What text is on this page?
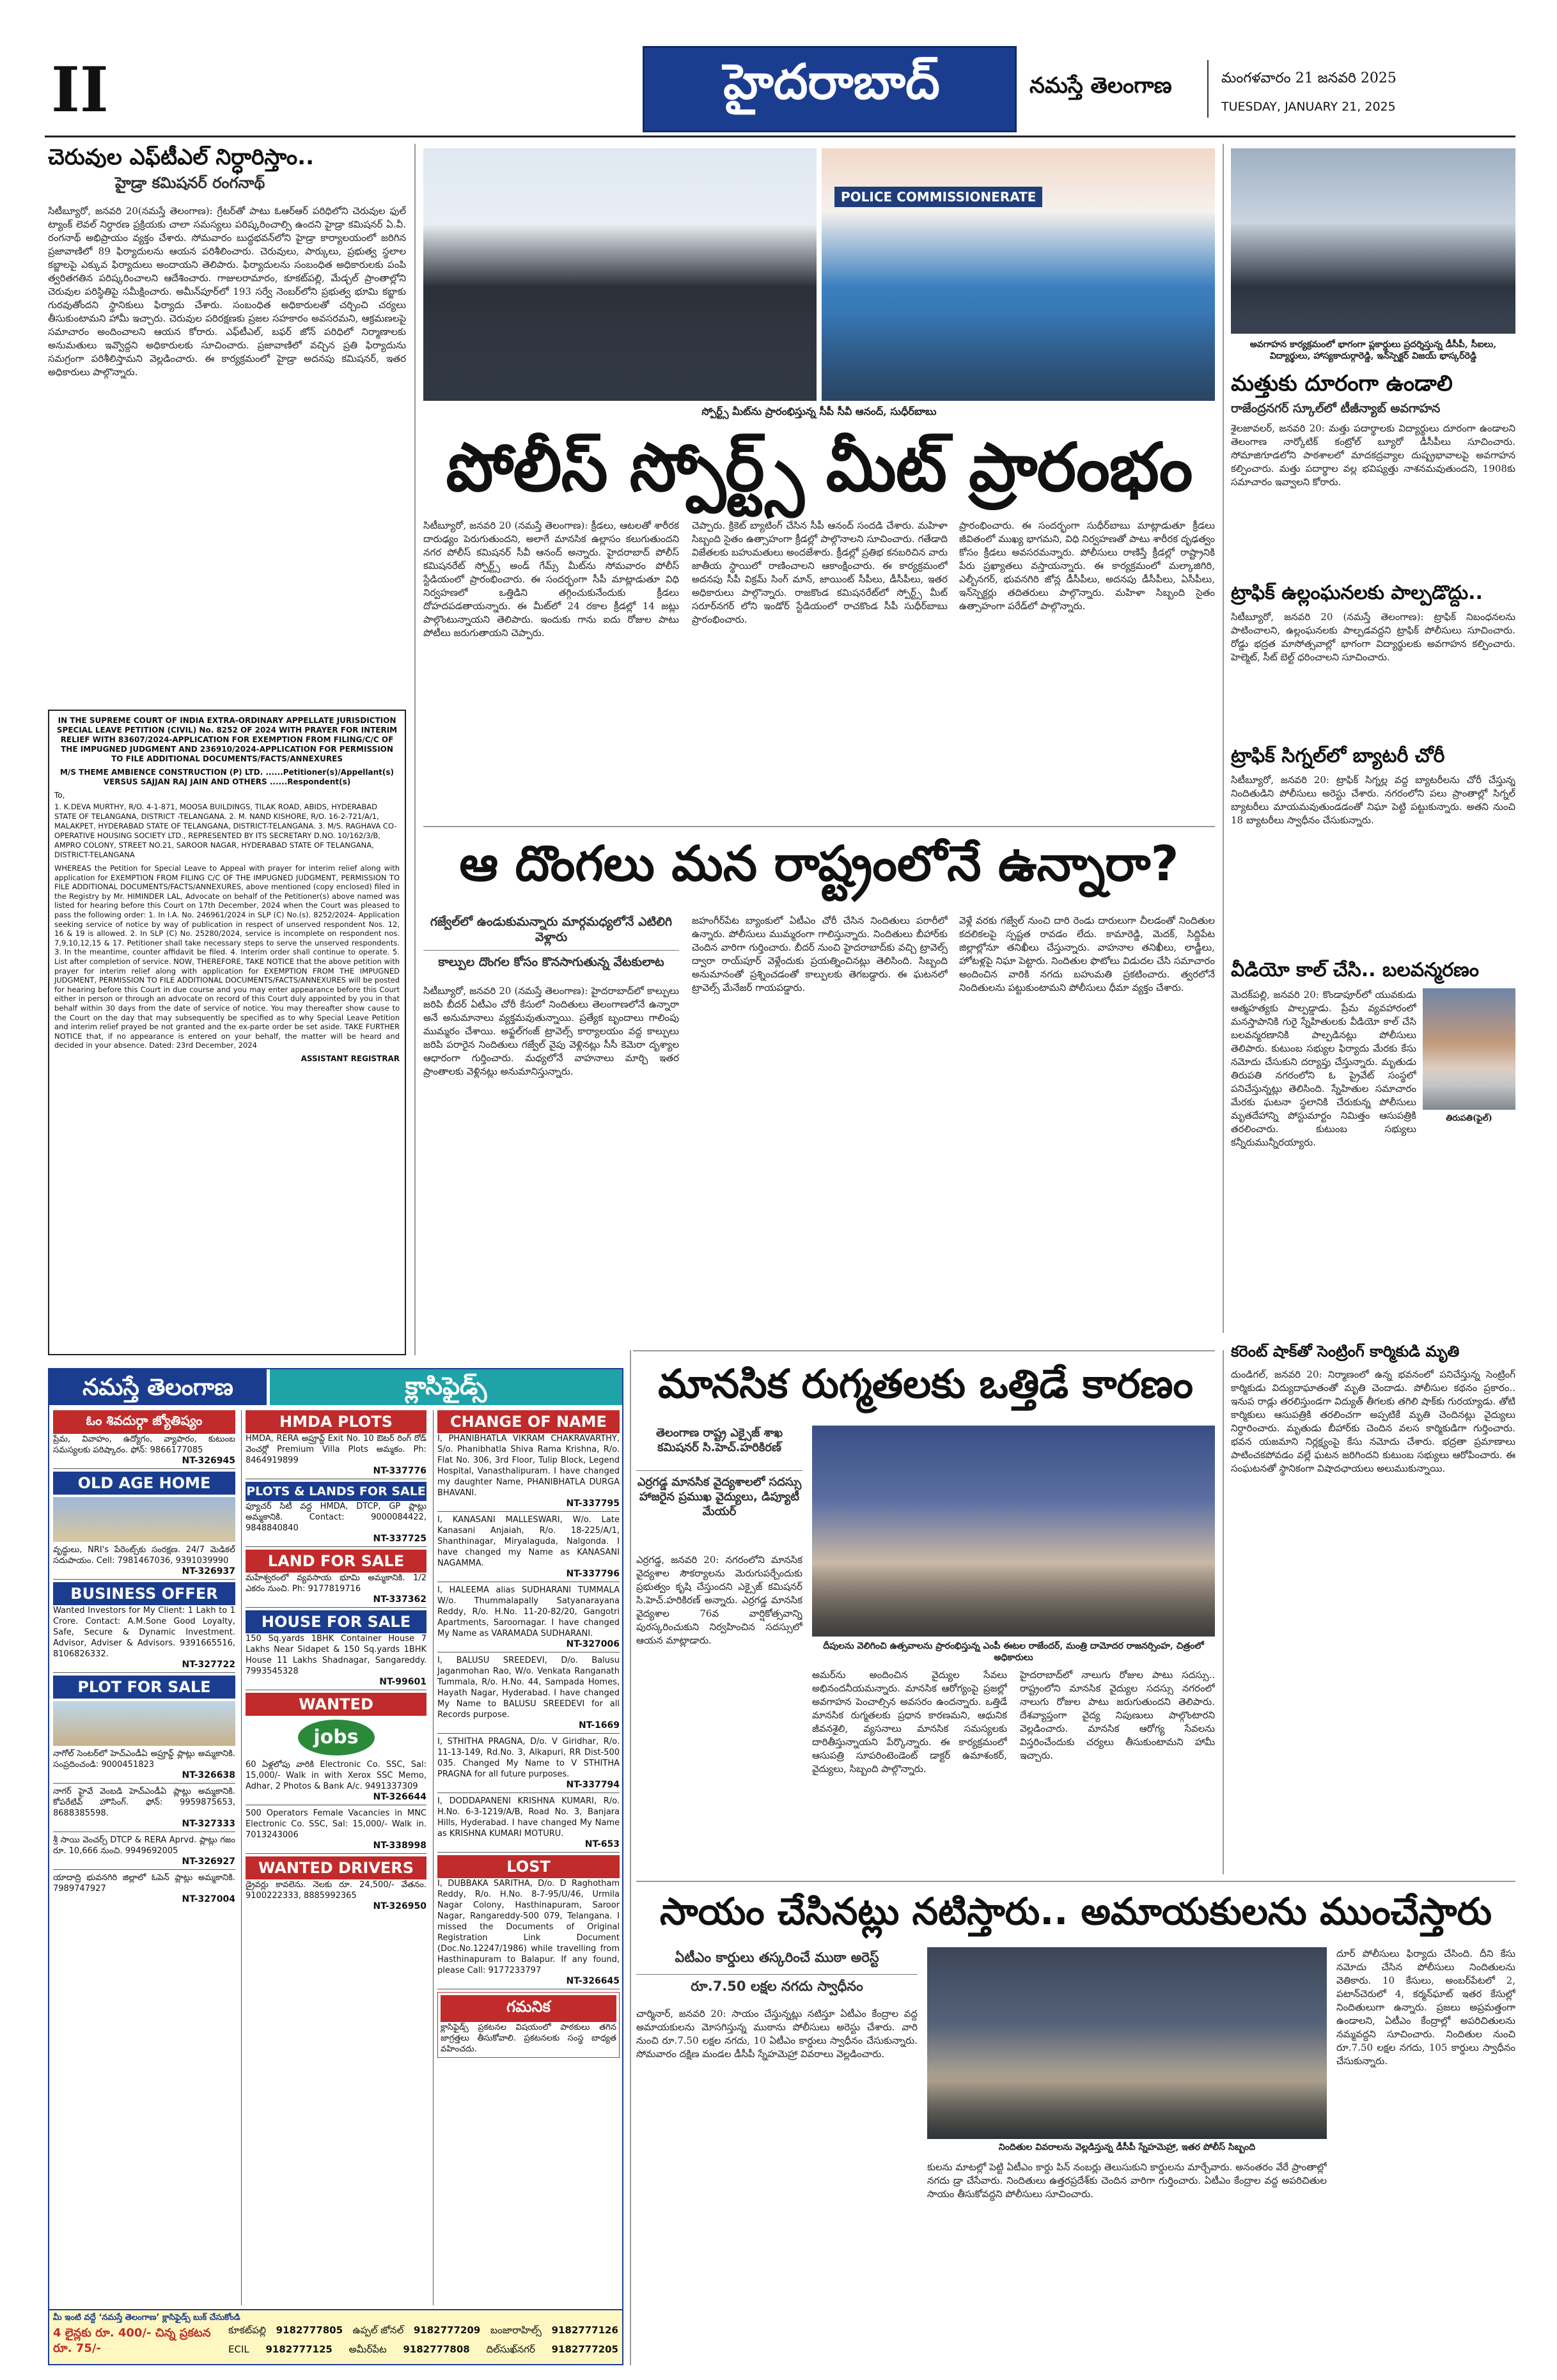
II	హైదరాబాద్	నమస్తే తెలంగాణ	మంగళవారం 21 జనవరి 2025
TUESDAY, JANUARY 21, 2025
చెరువుల ఎఫ్‌టీఎల్ నిర్ధారిస్తాం..
హైడ్రా కమిషనర్ రంగనాథ్
సిటీబ్యూరో, జనవరి 20(నమస్తే తెలంగాణ): గ్రేటర్‌తో పాటు ఓఆర్‌ఆర్ పరిధిలోని చెరువుల ఫుల్ ట్యాంక్ లెవల్ నిర్ధారణ ప్రక్రియకు చాలా సమస్యలు పరిష్కరించాల్సి ఉందని హైడ్రా కమిషనర్ ఏ.వీ. రంగనాథ్ అభిప్రాయం వ్యక్తం చేశారు. సోమవారం బుద్ధభవన్‌లోని హైడ్రా కార్యాలయంలో జరిగిన ప్రజావాణిలో 89 ఫిర్యాదులను ఆయన పరిశీలించారు. చెరువులు, పార్కులు, ప్రభుత్వ స్థలాల కబ్జాలపై ఎక్కువ ఫిర్యాదులు అందాయని తెలిపారు. ఫిర్యాదులను సంబంధిత అధికారులకు పంపి త్వరితగతిన పరిష్కరించాలని ఆదేశించారు. గాజులరామారం, కూకట్‌పల్లి, మేడ్చల్ ప్రాంతాల్లోని చెరువుల పరిస్థితిపై సమీక్షించారు. అమీన్‌పూర్‌లో 193 సర్వే నెంబర్‌లోని ప్రభుత్వ భూమి కబ్జాకు గురవుతోందని స్థానికులు ఫిర్యాదు చేశారు. సంబంధిత అధికారులతో చర్చించి చర్యలు తీసుకుంటామని హామీ ఇచ్చారు. చెరువుల పరిరక్షణకు ప్రజల సహకారం అవసరమని, ఆక్రమణలపై సమాచారం అందించాలని ఆయన కోరారు. ఎఫ్‌టీఎల్, బఫర్ జోన్ పరిధిలో నిర్మాణాలకు అనుమతులు ఇవ్వొద్దని అధికారులకు సూచించారు. ప్రజావాణిలో వచ్చిన ప్రతి ఫిర్యాదును సమగ్రంగా పరిశీలిస్తామని వెల్లడించారు. ఈ కార్యక్రమంలో హైడ్రా అదనపు కమిషనర్, ఇతర అధికారులు పాల్గొన్నారు.
IN THE SUPREME COURT OF INDIA EXTRA-ORDINARY APPELLATE JURISDICTION SPECIAL LEAVE PETITION (CIVIL) No. 8252 OF 2024 WITH PRAYER FOR INTERIM RELIEF WITH 83607/2024-APPLICATION FOR EXEMPTION FROM FILING/C/C OF THE IMPUGNED JUDGMENT AND 236910/2024-APPLICATION FOR PERMISSION TO FILE ADDITIONAL DOCUMENTS/FACTS/ANNEXURES
M/S THEME AMBIENCE CONSTRUCTION (P) LTD. ......Petitioner(s)/Appellant(s) VERSUS SAJJAN RAJ JAIN AND OTHERS ......Respondent(s)
To,
1. K.DEVA MURTHY, R/O. 4-1-871, MOOSA BUILDINGS, TILAK ROAD, ABIDS, HYDERABAD STATE OF TELANGANA, DISTRICT -TELANGANA. 2. M. NAND KISHORE, R/O. 16-2-721/A/1, MALAKPET, HYDERABAD STATE OF TELANGANA, DISTRICT-TELANGANA. 3. M/S. RAGHAVA CO-OPERATIVE HOUSING SOCIETY LTD., REPRESENTED BY ITS SECRETARY D.NO. 10/162/3/B, AMPRO COLONY, STREET NO.21, SAROOR NAGAR, HYDERABAD STATE OF TELANGANA, DISTRICT-TELANGANA
WHEREAS the Petition for Special Leave to Appeal with prayer for interim relief along with application for EXEMPTION FROM FILING C/C OF THE IMPUGNED JUDGMENT, PERMISSION TO FILE ADDITIONAL DOCUMENTS/FACTS/ANNEXURES, above mentioned (copy enclosed) filed in the Registry by Mr. HIMINDER LAL, Advocate on behalf of the Petitioner(s) above named was listed for hearing before this Court on 17th December, 2024 when the Court was pleased to pass the following order: 1. In I.A. No. 246961/2024 in SLP (C) No.(s). 8252/2024- Application seeking service of notice by way of publication in respect of unserved respondent Nos. 12, 16 & 19 is allowed. 2. In SLP (C) No. 25280/2024, service is incomplete on respondent nos. 7,9,10,12,15 & 17. Petitioner shall take necessary steps to serve the unserved respondents. 3. In the meantime, counter affidavit be filed. 4. Interim order shall continue to operate. 5. List after completion of service. NOW, THEREFORE, TAKE NOTICE that the above petition with prayer for interim relief along with application for EXEMPTION FROM THE IMPUGNED JUDGMENT, PERMISSION TO FILE ADDITIONAL DOCUMENTS/FACTS/ANNEXURES will be posted for hearing before this Court in due course and you may enter appearance before this Court either in person or through an advocate on record of this Court duly appointed by you in that behalf within 30 days from the date of service of notice. You may thereafter show cause to the Court on the day that may subsequently be specified as to why Special Leave Petition and interim relief prayed be not granted and the ex-parte order be set aside. TAKE FURTHER NOTICE that, if no appearance is entered on your behalf, the matter will be heard and decided in your absence. Dated: 23rd December, 2024
ASSISTANT REGISTRAR
నమస్తే తెలంగాణ	క్లాసిఫైడ్స్
ఓం శివదుర్గా జ్యోతిష్యం
ప్రేమ, వివాహం, ఉద్యోగం, వ్యాపారం, కుటుంబ సమస్యలకు పరిష్కారం. ఫోన్: 9866177085
NT-326945
OLD AGE HOME
వృద్ధులు, NRI's పేరెంట్స్‌కు సంరక్షణ. 24/7 మెడికల్ సదుపాయం. Cell: 7981467036, 9391039990
NT-326937
BUSINESS OFFER
Wanted Investors for My Client: 1 Lakh to 1 Crore. Contact: A.M.Sone Good Loyalty, Safe, Secure & Dynamic Investment. Advisor, Adviser & Advisors. 9391665516, 8106826332.
NT-327722
PLOT FOR SALE
నాగోల్ సెంటర్‌లో హెచ్ఎండీఏ అప్రూవ్డ్ ప్లాట్లు అమ్మకానికి. సంప్రదించండి: 9000451823
NT-326638
నాగర్ హైవే వెంబడి హెచ్ఎండీఏ ప్లాట్లు అమ్మకానికి. కోపరేటివ్ హౌసింగ్. ఫోన్: 9959875653, 8688385598.
NT-327333
శ్రీ సాయి వెంచర్స్ DTCP & RERA Aprvd. ప్లాట్లు గజం రూ. 10,666 నుంచి. 9949692005
NT-326927
యాదాద్రి భువనగిరి జిల్లాలో ఓపెన్ ప్లాట్లు అమ్మకానికి. 7989747927
NT-327004
HMDA PLOTS
HMDA, RERA అప్రూవ్డ్ Exit No. 10 ఔటర్ రింగ్ రోడ్ వెంచర్లో Premium Villa Plots అమ్మకం. Ph: 8464919899
NT-337776
PLOTS & LANDS FOR SALE
ఫ్యూచర్ సిటీ వద్ద HMDA, DTCP, GP ప్లాట్లు అమ్మకానికి. Contact: 9000084422, 9848840840
NT-337725
LAND FOR SALE
మహేశ్వరంలో వ్యవసాయ భూమి అమ్మకానికి. 1/2 ఎకరం నుంచి. Ph: 9177819716
NT-337362
HOUSE FOR SALE
150 Sq.yards 1BHK Container House 7 Lakhs Near Sidapet & 150 Sq.yards 1BHK House 11 Lakhs Shadnagar, Sangareddy. 7993545328
NT-99601
WANTED
jobs
60 ఏళ్లలోపు వారికి Electronic Co. SSC, Sal: 15,000/- Walk in with Xerox SSC Memo, Adhar, 2 Photos & Bank A/c. 9491337309
NT-326644
500 Operators Female Vacancies in MNC Electronic Co. SSC, Sal: 15,000/- Walk in. 7013243006
NT-338998
WANTED DRIVERS
డ్రైవర్లు కావలెను. నెలకు రూ. 24,500/- వేతనం. 9100222333, 8885992365
NT-326950
CHANGE OF NAME
I, PHANIBHATLA VIKRAM CHAKRAVARTHY, S/o. Phanibhatla Shiva Rama Krishna, R/o. Flat No. 306, 3rd Floor, Tulip Block, Legend Hospital, Vanasthalipuram. I have changed my daughter Name, PHANIBHATLA DURGA BHAVANI.
NT-337795
I, KANASANI MALLESWARI, W/o. Late Kanasani Anjaiah, R/o. 18-225/A/1, Shanthinagar, Miryalaguda, Nalgonda. I have changed my Name as KANASANI NAGAMMA.
NT-337796
I, HALEEMA alias SUDHARANI TUMMALA W/o. Thummalapally Satyanarayana Reddy, R/o. H.No. 11-20-82/20, Gangotri Apartments, Saroornagar. I have changed My Name as VARAMADA SUDHARANI.
NT-327006
I, BALUSU SREEDEVI, D/o. Balusu Jaganmohan Rao, W/o. Venkata Ranganath Tummala, R/o. H.No. 44, Sampada Homes, Hayath Nagar, Hyderabad. I have changed My Name to BALUSU SREEDEVI for all Records purpose.
NT-1669
I, STHITHA PRAGNA, D/o. V Giridhar, R/o. 11-13-149, Rd.No. 3, Alkapuri, RR Dist-500 035. Changed My Name to V STHITHA PRAGNA for all future purposes.
NT-337794
I, DODDAPANENI KRISHNA KUMARI, R/o. H.No. 6-3-1219/A/B, Road No. 3, Banjara Hills, Hyderabad. I have changed My Name as KRISHNA KUMARI MOTURU.
NT-653
LOST
I, DUBBAKA SARITHA, D/o. D Raghotham Reddy, R/o. H.No. 8-7-95/U/46, Urmila Nagar Colony, Hasthinapuram, Saroor Nagar, Rangareddy-500 079, Telangana. I missed the Documents of Original Registration Link Document (Doc.No.12247/1986) while travelling from Hasthinapuram to Balapur. If any found, please Call: 9177233797
NT-326645
గమనిక
క్లాసిఫైడ్స్ ప్రకటనల విషయంలో పాఠకులు తగిన జాగ్రత్తలు తీసుకోవాలి. ప్రకటనలకు సంస్థ బాధ్యత వహించదు.
మీ ఇంటి వద్దే ‘నమస్తే తెలంగాణ’ క్లాసిఫైడ్స్ బుక్ చేసుకోండి
4 లైన్లకు రూ. 400/- చిన్న ప్రకటన రూ. 75/-
కూకట్‌పల్లి 9182777805 ఉప్పల్ జోనల్ 9182777209 బంజారాహిల్స్ 9182777126
ECIL 9182777125 అమీర్‌పేట 9182777808 దిల్‌సుఖ్‌నగర్ 9182777205
POLICE COMMISSIONERATE
స్పోర్ట్స్ మీట్‌ను ప్రారంభిస్తున్న సీపీ సీవీ ఆనంద్, సుధీర్‌బాబు
అవగాహన కార్యక్రమంలో భాగంగా ప్లకార్డులు ప్రదర్శిస్తున్న డీసీపీ, సీఐలు, విద్యార్థులు, హాస్యకాదుర్గారెడ్డి, ఇన్‌స్పెక్టర్ విజయ్ భాస్కర్‌రెడ్డి
పోలీస్ స్పోర్ట్స్ మీట్ ప్రారంభం
సిటీబ్యూరో, జనవరి 20 (నమస్తే తెలంగాణ): క్రీడలు, ఆటలతో శారీరక దారుఢ్యం పెరుగుతుందని, అలాగే మానసిక ఉల్లాసం కలుగుతుందని నగర పోలీస్ కమిషనర్ సీవీ ఆనంద్ అన్నారు. హైదరాబాద్ పోలీస్ కమిషనరేట్ స్పోర్ట్స్ అండ్ గేమ్స్ మీట్‌ను సోమవారం పోలీస్ స్టేడియంలో ప్రారంభించారు. ఈ సందర్భంగా సీపీ మాట్లాడుతూ విధి నిర్వహణలో ఒత్తిడిని తగ్గించుకునేందుకు క్రీడలు దోహదపడతాయన్నారు. ఈ మీట్‌లో 24 రకాల క్రీడల్లో 14 జట్లు పాల్గొంటున్నాయని తెలిపారు. ఇందుకు గాను ఐదు రోజుల పాటు పోటీలు జరుగుతాయని చెప్పారు.
చెప్పారు. క్రికెట్ బ్యాటింగ్ చేసిన సీపీ ఆనంద్ సందడి చేశారు. మహిళా సిబ్బంది సైతం ఉత్సాహంగా క్రీడల్లో పాల్గొనాలని సూచించారు. గతేడాది విజేతలకు బహుమతులు అందజేశారు. క్రీడల్లో ప్రతిభ కనబరిచిన వారు జాతీయ స్థాయిలో రాణించాలని ఆకాంక్షించారు. ఈ కార్యక్రమంలో అదనపు సీపీ విక్రమ్ సింగ్ మాన్, జాయింట్ సీపీలు, డీసీపీలు, ఇతర అధికారులు పాల్గొన్నారు. రాజకొండ కమిషనరేట్‌లో స్పోర్ట్స్ మీట్ సరూర్‌నగర్ లోని ఇండోర్ స్టేడియంలో రాచకొండ సీపీ సుధీర్‌బాబు ప్రారంభించారు.
ప్రారంభించారు. ఈ సందర్భంగా సుధీర్‌బాబు మాట్లాడుతూ క్రీడలు జీవితంలో ముఖ్య భాగమని, విధి నిర్వహణతో పాటు శారీరక దృఢత్వం కోసం క్రీడలు అవసరమన్నారు. పోలీసులు రాణిస్తే క్రీడల్లో రాష్ట్రానికి పేరు ప్రఖ్యాతలు వస్తాయన్నారు. ఈ కార్యక్రమంలో మల్కాజిగిరి, ఎల్బీనగర్, భువనగిరి జోన్ల డీసీపీలు, అదనపు డీసీపీలు, ఏసీపీలు, ఇన్‌స్పెక్టర్లు తదితరులు పాల్గొన్నారు. మహిళా సిబ్బంది సైతం ఉత్సాహంగా పరేడ్‌లో పాల్గొన్నారు.
ఆ దొంగలు మన రాష్ట్రంలోనే ఉన్నారా?
గజ్వేల్‌లో ఉండుకుమన్నారు మార్గమధ్యలోనే ఎటిలిగి వెళ్లారు
కాల్పుల దొంగల కోసం కొనసాగుతున్న వేటకులాట
సిటీబ్యూరో, జనవరి 20 (నమస్తే తెలంగాణ): హైదరాబాద్‌లో కాల్పులు జరిపి బీదర్ ఏటీఎం చోరీ కేసులో నిందితులు తెలంగాణలోనే ఉన్నారా అనే అనుమానాలు వ్యక్తమవుతున్నాయి. ప్రత్యేక బృందాలు గాలింపు ముమ్మరం చేశాయి. అఫ్జల్‌గంజ్ ట్రావెల్స్ కార్యాలయం వద్ద కాల్పులు జరిపి పరారైన నిందితులు గజ్వేల్ వైపు వెళ్లినట్లు సీసీ కెమెరా దృశ్యాల ఆధారంగా గుర్తించారు. మధ్యలోనే వాహనాలు మార్చి ఇతర ప్రాంతాలకు వెళ్లినట్లు అనుమానిస్తున్నారు.
జహంగీర్‌పేట బ్యాంకులో ఏటీఎం చోరీ చేసిన నిందితులు పరారీలో ఉన్నారు. పోలీసులు ముమ్మరంగా గాలిస్తున్నారు. నిందితులు బీహార్‌కు చెందిన వారిగా గుర్తించారు. బీదర్ నుంచి హైదరాబాద్‌కు వచ్చి ట్రావెల్స్ ద్వారా రాయ్‌పూర్ వెళ్లేందుకు ప్రయత్నించినట్లు తెలిసింది. సిబ్బంది అనుమానంతో ప్రశ్నించడంతో కాల్పులకు తెగబడ్డారు. ఈ ఘటనలో ట్రావెల్స్ మేనేజర్ గాయపడ్డారు.
వెళ్లే వరకు గజ్వేల్ నుంచి దారి రెండు దారులుగా చీలడంతో నిందితుల కదలికలపై స్పష్టత రావడం లేదు. కామారెడ్డి, మెదక్, సిద్దిపేట జిల్లాల్లోనూ తనిఖీలు చేస్తున్నారు. వాహనాల తనిఖీలు, లాడ్జీలు, హోటళ్లపై నిఘా పెట్టారు. నిందితుల ఫొటోలు విడుదల చేసి సమాచారం అందించిన వారికి నగదు బహుమతి ప్రకటించారు. త్వరలోనే నిందితులను పట్టుకుంటామని పోలీసులు ధీమా వ్యక్తం చేశారు.
మానసిక రుగ్మతలకు ఒత్తిడే కారణం
తెలంగాణ రాష్ట్ర ఎక్సైజ్ శాఖ కమిషనర్ సి.హెచ్.హరికిరణ్
ఎర్రగడ్డ మానసిక వైద్యశాలలో సదస్సు హాజరైన ప్రముఖ వైద్యులు, డిప్యూటీ మేయర్
దీపులను వెలిగించి ఉత్సవాలను ప్రారంభిస్తున్న ఎంపీ ఈటల రాజేందర్, మంత్రి దామోదర రాజనర్సింహ, చిత్రంలో అధికారులు
ఎర్రగడ్డ, జనవరి 20: నగరంలోని మానసిక వైద్యశాల సౌకర్యాలను మెరుగుపర్చేందుకు ప్రభుత్వం కృషి చేస్తుందని ఎక్సైజ్ కమిషనర్ సి.హెచ్.హరికిరణ్ అన్నారు. ఎర్రగడ్డ మానసిక వైద్యశాల 76వ వార్షికోత్సవాన్ని పురస్కరించుకుని నిర్వహించిన సదస్సులో ఆయన మాట్లాడారు.
అమర్‌ను అందించిన వైద్యుల సేవలు అభినందనీయమన్నారు. మానసిక ఆరోగ్యంపై ప్రజల్లో అవగాహన పెంచాల్సిన అవసరం ఉందన్నారు. ఒత్తిడే మానసిక రుగ్మతలకు ప్రధాన కారణమని, ఆధునిక జీవనశైలి, వ్యసనాలు మానసిక సమస్యలకు దారితీస్తున్నాయని పేర్కొన్నారు. ఈ కార్యక్రమంలో ఆసుపత్రి సూపరింటెండెంట్ డాక్టర్ ఉమాశంకర్, వైద్యులు, సిబ్బంది పాల్గొన్నారు.
హైదరాబాద్‌లో నాలుగు రోజుల పాటు సదస్సు.. రాష్ట్రంలోని మానసిక వైద్యుల సదస్సు నగరంలో నాలుగు రోజుల పాటు జరుగుతుందని తెలిపారు. దేశవ్యాప్తంగా వైద్య నిపుణులు పాల్గొంటారని వెల్లడించారు. మానసిక ఆరోగ్య సేవలను విస్తరించేందుకు చర్యలు తీసుకుంటామని హామీ ఇచ్చారు.
సాయం చేసినట్లు నటిస్తారు.. అమాయకులను ముంచేస్తారు
ఏటీఎం కార్డులు తస్కరించే ముఠా అరెస్ట్
రూ.7.50 లక్షల నగదు స్వాధీనం
నిందితుల వివరాలను వెల్లడిస్తున్న డీసీపీ స్నేహమెహ్రా, ఇతర పోలీస్ సిబ్బంది
చార్మినార్, జనవరి 20: సాయం చేస్తున్నట్లు నటిస్తూ ఏటీఎం కేంద్రాల వద్ద అమాయకులను మోసగిస్తున్న ముఠాను పోలీసులు అరెస్టు చేశారు. వారి నుంచి రూ.7.50 లక్షల నగదు, 10 ఏటీఎం కార్డులు స్వాధీనం చేసుకున్నారు. సోమవారం దక్షిణ మండల డీసీపీ స్నేహమెహ్రా వివరాలు వెల్లడించారు.
కులను మాటల్లో పెట్టి ఏటీఎం కార్డు పిన్ నంబర్లు తెలుసుకుని కార్డులను మార్చేవారు. అనంతరం వేరే ప్రాంతాల్లో నగదు డ్రా చేసేవారు. నిందితులు ఉత్తరప్రదేశ్‌కు చెందిన వారిగా గుర్తించారు. ఏటీఎం కేంద్రాల వద్ద అపరిచితుల సాయం తీసుకోవద్దని పోలీసులు సూచించారు.
దూర్ పోలీసులు ఫిర్యాదు చేసింది. దీని కేసు నమోదు చేసిన పోలీసులు నిందితులను వెతికారు. 10 కేసులు, అంబర్‌పేటలో 2, పటాన్‌చెరులో 4, కర్మన్‌ఘాట్ ఇతర కేసుల్లో నిందితులుగా ఉన్నారు. ప్రజలు అప్రమత్తంగా ఉండాలని, ఏటీఎం కేంద్రాల్లో అపరిచితులను నమ్మవద్దని సూచించారు. నిందితుల నుంచి రూ.7.50 లక్షల నగదు, 105 కార్డులు స్వాధీనం చేసుకున్నారు.
మత్తుకు దూరంగా ఉండాలి
రాజేంద్రనగర్ స్కూల్‌లో టీజీన్యాబ్ అవగాహన
శైలజావలర్, జనవరి 20: మత్తు పదార్థాలకు విద్యార్థులు దూరంగా ఉండాలని తెలంగాణ నార్కోటిక్ కంట్రోల్ బ్యూరో డీసీపీలు సూచించారు. సోమాజిగూడలోని పాఠశాలలో మాదకద్రవ్యాల దుష్ప్రభావాలపై అవగాహన కల్పించారు. మత్తు పదార్థాల వల్ల భవిష్యత్తు నాశనమవుతుందని, 1908కు సమాచారం ఇవ్వాలని కోరారు.
ట్రాఫిక్ ఉల్లంఘనలకు పాల్పడొద్దు..
సిటీబ్యూరో, జనవరి 20 (నమస్తే తెలంగాణ): ట్రాఫిక్ నిబంధనలను పాటించాలని, ఉల్లంఘనలకు పాల్పడవద్దని ట్రాఫిక్ పోలీసులు సూచించారు. రోడ్డు భద్రత మాసోత్సవాల్లో భాగంగా విద్యార్థులకు అవగాహన కల్పించారు. హెల్మెట్, సీట్ బెల్ట్ ధరించాలని సూచించారు.
ట్రాఫిక్ సిగ్నల్‌లో బ్యాటరీ చోరీ
సిటీబ్యూరో, జనవరి 20: ట్రాఫిక్ సిగ్నల్ల వద్ద బ్యాటరీలను చోరీ చేస్తున్న నిందితుడిని పోలీసులు అరెస్టు చేశారు. నగరంలోని పలు ప్రాంతాల్లో సిగ్నల్ బ్యాటరీలు మాయమవుతుండడంతో నిఘా పెట్టి పట్టుకున్నారు. అతని నుంచి 18 బ్యాటరీలు స్వాధీనం చేసుకున్నారు.
వీడియో కాల్ చేసి.. బలవన్మరణం
తిరుపతి(ఫైల్)
మెదక్‌పల్లి, జనవరి 20: కొండాపూర్‌లో యువకుడు ఆత్మహత్యకు పాల్పడ్డాడు. ప్రేమ వ్యవహారంలో మనస్తాపానికి గురై స్నేహితులకు వీడియో కాల్ చేసి బలవన్మరణానికి పాల్పడినట్లు పోలీసులు తెలిపారు. కుటుంబ సభ్యుల ఫిర్యాదు మేరకు కేసు నమోదు చేసుకుని దర్యాప్తు చేస్తున్నారు. మృతుడు తిరుపతి నగరంలోని ఓ ప్రైవేట్ సంస్థలో పనిచేస్తున్నట్లు తెలిసింది. స్నేహితుల సమాచారం మేరకు ఘటనా స్థలానికి చేరుకున్న పోలీసులు మృతదేహాన్ని పోస్టుమార్టం నిమిత్తం ఆసుపత్రికి తరలించారు. కుటుంబ సభ్యులు కన్నీరుమున్నీరయ్యారు.
కరెంట్ షాక్‌తో సెంట్రింగ్ కార్మికుడి మృతి
దుండిగల్, జనవరి 20: నిర్మాణంలో ఉన్న భవనంలో పనిచేస్తున్న సెంట్రింగ్ కార్మికుడు విద్యుదాఘాతంతో మృతి చెందాడు. పోలీసుల కథనం ప్రకారం.. ఇనుప రాడ్లు తరలిస్తుండగా విద్యుత్ తీగలకు తగిలి షాక్‌కు గురయ్యాడు. తోటి కార్మికులు ఆసుపత్రికి తరలించగా అప్పటికే మృతి చెందినట్లు వైద్యులు నిర్ధారించారు. మృతుడు బీహార్‌కు చెందిన వలస కార్మికుడిగా గుర్తించారు. భవన యజమాని నిర్లక్ష్యంపై కేసు నమోదు చేశారు. భద్రతా ప్రమాణాలు పాటించకపోవడం వల్లే ఘటన జరిగిందని కుటుంబ సభ్యులు ఆరోపించారు. ఈ సంఘటనతో స్థానికంగా విషాదఛాయలు అలుముకున్నాయి.
